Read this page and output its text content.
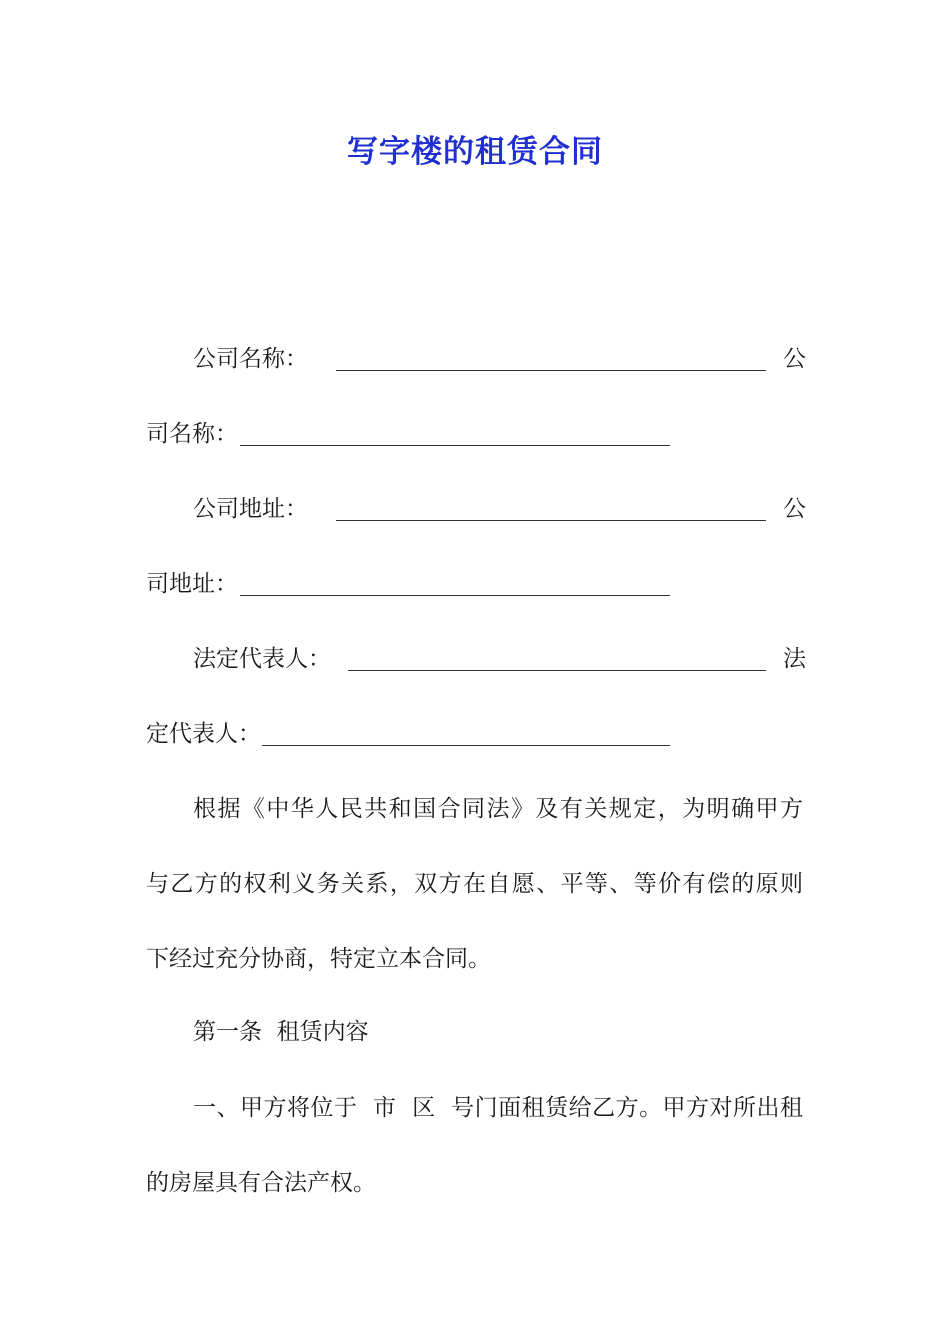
写字楼的租赁合同
公司名称：	公
司名称：
公司地址：	公
司地址：
法定代表人：	法
定代表人：
根据《中华人民共和国合同法》及有关规定，为明确甲方
与乙方的权利义务关系，双方在自愿、平等、等价有偿的原则
下经过充分协商，特定立本合同。
第一条  租赁内容
一、甲方将位于  市  区  号门面租赁给乙方。甲方对所出租
的房屋具有合法产权。
